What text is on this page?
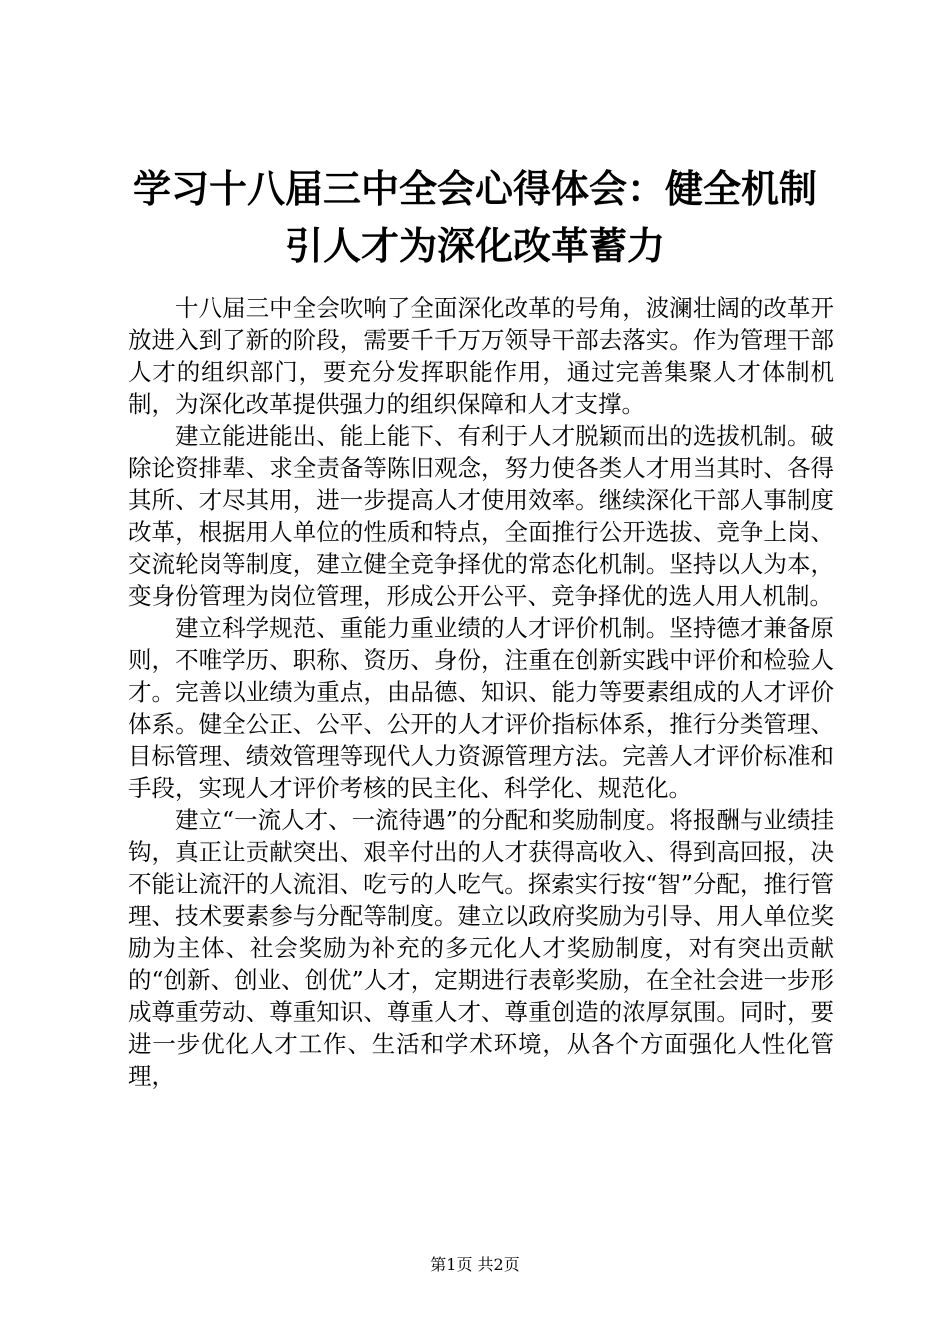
学习十八届三中全会心得体会：健全机制引人才为深化改革蓄力

十八届三中全会吹响了全面深化改革的号角，波澜壮阔的改革开放进入到了新的阶段，需要千千万万领导干部去落实。作为管理干部人才的组织部门，要充分发挥职能作用，通过完善集聚人才体制机制，为深化改革提供强力的组织保障和人才支撑。

建立能进能出、能上能下、有利于人才脱颖而出的选拔机制。破除论资排辈、求全责备等陈旧观念，努力使各类人才用当其时、各得其所、才尽其用，进一步提高人才使用效率。继续深化干部人事制度改革，根据用人单位的性质和特点，全面推行公开选拔、竞争上岗、交流轮岗等制度，建立健全竞争择优的常态化机制。坚持以人为本，变身份管理为岗位管理，形成公开公平、竞争择优的选人用人机制。

建立科学规范、重能力重业绩的人才评价机制。坚持德才兼备原则，不唯学历、职称、资历、身份，注重在创新实践中评价和检验人才。完善以业绩为重点，由品德、知识、能力等要素组成的人才评价体系。健全公正、公平、公开的人才评价指标体系，推行分类管理、目标管理、绩效管理等现代人力资源管理方法。完善人才评价标准和手段，实现人才评价考核的民主化、科学化、规范化。

建立“一流人才、一流待遇”的分配和奖励制度。将报酬与业绩挂钩，真正让贡献突出、艰辛付出的人才获得高收入、得到高回报，决不能让流汗的人流泪、吃亏的人吃气。探索实行按“智”分配，推行管理、技术要素参与分配等制度。建立以政府奖励为引导、用人单位奖励为主体、社会奖励为补充的多元化人才奖励制度，对有突出贡献的“创新、创业、创优”人才，定期进行表彰奖励，在全社会进一步形成尊重劳动、尊重知识、尊重人才、尊重创造的浓厚氛围。同时，要进一步优化人才工作、生活和学术环境，从各个方面强化人性化管理，

第1页 共2页
